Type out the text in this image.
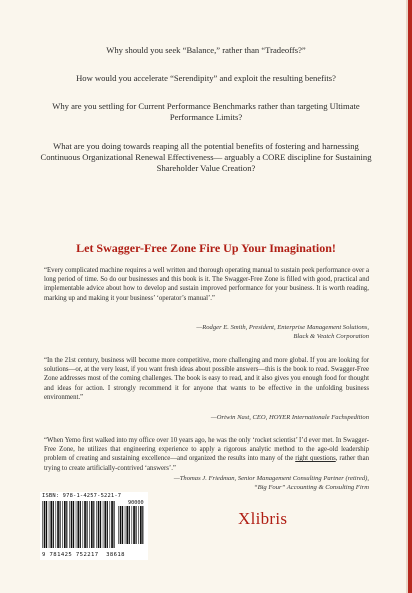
Why should you seek “Balance,” rather than “Tradeoffs?”
How would you accelerate “Serendipity” and exploit the resulting benefits?
Why are you settling for Current Performance Benchmarks rather than targeting Ultimate Performance Limits?
What are you doing towards reaping all the potential benefits of fostering and harnessing Continuous Organizational Renewal Effectiveness— arguably a CORE discipline for Sustaining Shareholder Value Creation?
Let Swagger-Free Zone Fire Up Your Imagination!
“Every complicated machine requires a well written and thorough operating manual to sustain peek performance over a long period of time. So do our businesses and this book is it. The Swagger-Free Zone is filled with good, practical and implementable advice about how to develop and sustain improved performance for your business. It is worth reading, marking up and making it your business’ ‘operator’s manual’.”
—Rodger E. Smith, President, Enterprise Management Solutions,
Black & Veatch Corporation
“In the 21st century, business will become more competitive, more challenging and more global. If you are looking for solutions—or, at the very least, if you want fresh ideas about possible answers—this is the book to read. Swagger-Free Zone addresses most of the coming challenges. The book is easy to read, and it also gives you enough food for thought and ideas for action. I strongly recommend it for anyone that wants to be effective in the unfolding business environment.”
—Ortwin Nast, CEO, HOYER Internationale Fachspedition
“When Yemo first walked into my office over 10 years ago, he was the only ‘rocket scientist’ I’d ever met. In Swagger-Free Zone, he utilizes that engineering experience to apply a rigorous analytic method to the age-old leadership problem of creating and sustaining excellence—and organized the results into many of the right questions, rather than trying to create artificially-contrived ‘answers’.”
—Thomas J. Friedman, Senior Management Consulting Partner (retired),
“Big Four” Accounting & Consulting Firm
ISBN: 978-1-4257-5221-7
90000
9 781425 752217 38618
Xlibris
